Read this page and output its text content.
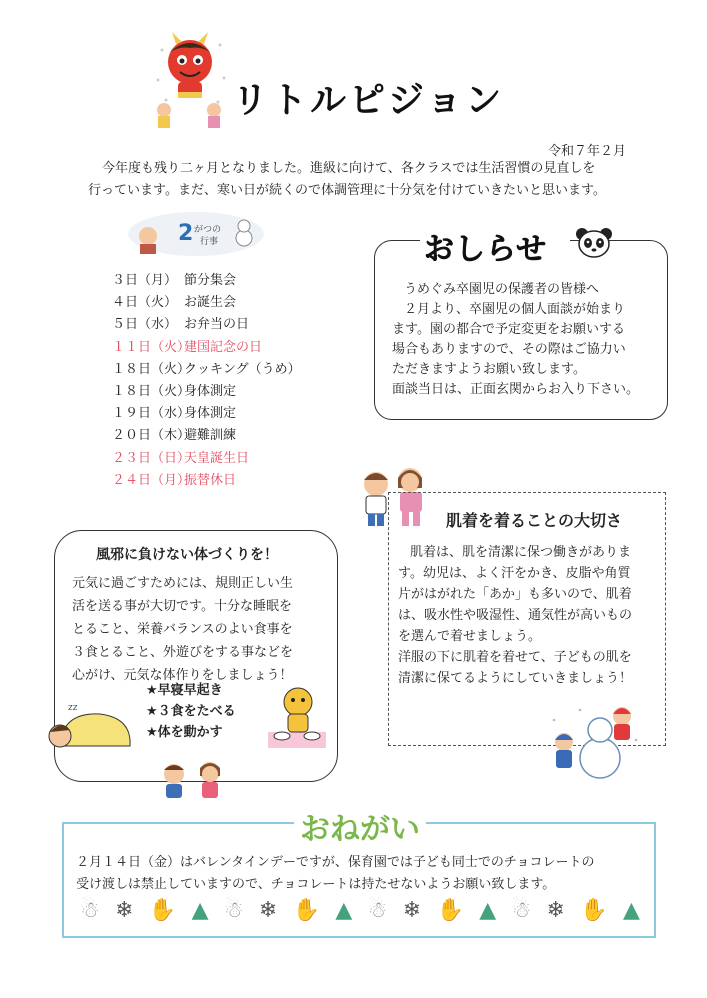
リトルピジョン
令和７年２月

今年度も残り二ヶ月となりました。進級に向けて、各クラスでは生活習慣の見直しを

行っています。まだ、寒い日が続くので体調管理に十分気を付けていきたいと思います。

2 がつの
行事
３日（月） 節分集会
４日（火） お誕生会
５日（水） お弁当の日
１１日（火）建国記念の日
１８日（火）クッキング（うめ）
１８日（火）身体測定
１９日（水）身体測定
２０日（木）避難訓練
２３日（日）天皇誕生日
２４日（月）振替休日
おしらせ

うめぐみ卒園児の保護者の皆様へ

２月より、卒園児の個人面談が始まり

ます。園の都合で予定変更をお願いする

場合もありますので、その際はご協力い

ただきますようお願い致します。

面談当日は、正面玄関からお入り下さい。

肌着を着ることの大切さ

肌着は、肌を清潔に保つ働きがありま

す。幼児は、よく汗をかき、皮脂や角質

片がはがれた「あか」も多いので、肌着

は、吸水性や吸湿性、通気性が高いもの

を選んで着せましょう。

洋服の下に肌着を着せて、子どもの肌を

清潔に保てるようにしていきましょう！

風邪に負けない体づくりを！
元気に過ごすためには、規則正しい生
活を送る事が大切です。十分な睡眠を
とること、栄養バランスのよい食事を
３食とること、外遊びをする事などを
心がけ、元気な体作りをしましょう！
★早寝早起き
★３食をたべる
★体を動かす
zz
おねがい

２月１４日（金）はバレンタインデーですが、保育園では子ども同士でのチョコレートの

受け渡しは禁止していますので、チョコレートは持たせないようお願い致します。

☃ ❄ ✋ ▲ ☃ ❄ ✋ ▲ ☃ ❄ ✋ ▲ ☃ ❄ ✋ ▲
